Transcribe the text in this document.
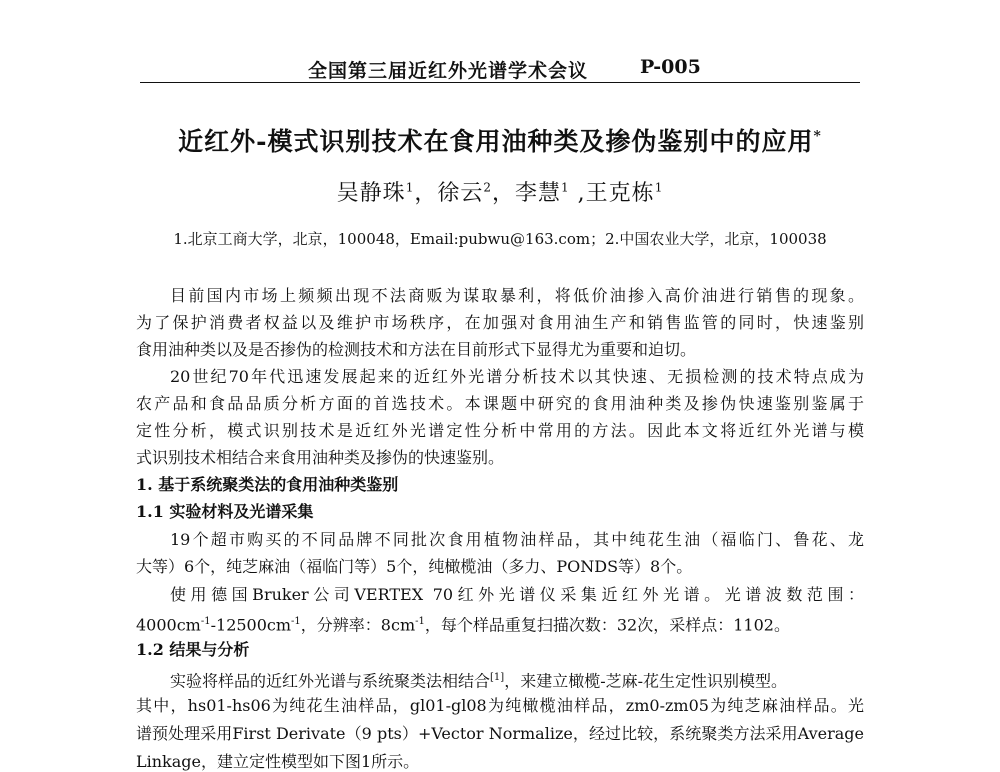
全国第三届近红外光谱学术会议	P-005
近红外-模式识别技术在食用油种类及掺伪鉴别中的应用*
吴静珠$^1$，徐云$^2$，李慧$^1$ ,王克栋$^1$
1.北京工商大学，北京，100048，Email:pubwu@163.com；2.中国农业大学，北京，100038
目前国内市场上频频出现不法商贩为谋取暴利，将低价油掺入高价油进行销售的现象。
为了保护消费者权益以及维护市场秩序，在加强对食用油生产和销售监管的同时，快速鉴别
食用油种类以及是否掺伪的检测技术和方法在目前形式下显得尤为重要和迫切。
20世纪70年代迅速发展起来的近红外光谱分析技术以其快速、无损检测的技术特点成为
农产品和食品品质分析方面的首选技术。本课题中研究的食用油种类及掺伪快速鉴别鉴属于
定性分析，模式识别技术是近红外光谱定性分析中常用的方法。因此本文将近红外光谱与模
式识别技术相结合来食用油种类及掺伪的快速鉴别。
1. 基于系统聚类法的食用油种类鉴别
1.1 实验材料及光谱采集
19个超市购买的不同品牌不同批次食用植物油样品，其中纯花生油（福临门、鲁花、龙
大等）6个，纯芝麻油（福临门等）5个，纯橄榄油（多力、PONDS等）8个。
使用德国Bruker公司VERTEX 70红外光谱仪采集近红外光谱。光谱波数范围：
$4000cm^{-1}-12500cm^{-1}$，分辨率：$8cm^{-1}$，每个样品重复扫描次数：32次，采样点：1102。
1.2 结果与分析
实验将样品的近红外光谱与系统聚类法相结合[1]，来建立橄榄-芝麻-花生定性识别模型。
其中，hs01-hs06为纯花生油样品，gl01-gl08为纯橄榄油样品，zm0-zm05为纯芝麻油样品。光
谱预处理采用First Derivate（9 pts）+Vector Normalize，经过比较，系统聚类方法采用Average
Linkage，建立定性模型如下图1所示。
